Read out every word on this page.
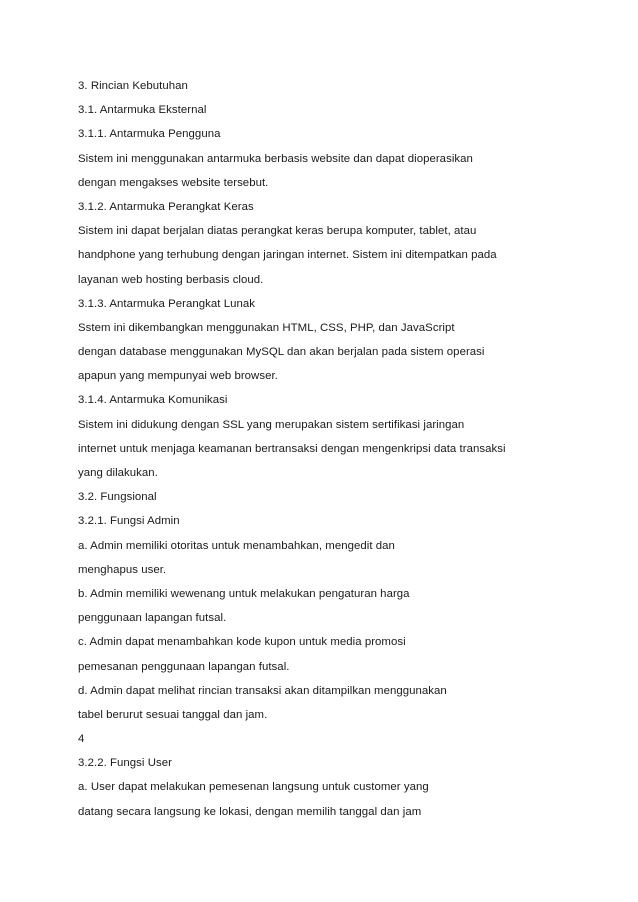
3. Rincian Kebutuhan
3.1. Antarmuka Eksternal
3.1.1. Antarmuka Pengguna
Sistem ini menggunakan antarmuka berbasis website dan dapat dioperasikan
dengan mengakses website tersebut.
3.1.2. Antarmuka Perangkat Keras
Sistem ini dapat berjalan diatas perangkat keras berupa komputer, tablet, atau
handphone yang terhubung dengan jaringan internet. Sistem ini ditempatkan pada
layanan web hosting berbasis cloud.
3.1.3. Antarmuka Perangkat Lunak
Sstem ini dikembangkan menggunakan HTML, CSS, PHP, dan JavaScript
dengan database menggunakan MySQL dan akan berjalan pada sistem operasi
apapun yang mempunyai web browser.
3.1.4. Antarmuka Komunikasi
Sistem ini didukung dengan SSL yang merupakan sistem sertifikasi jaringan
internet untuk menjaga keamanan bertransaksi dengan mengenkripsi data transaksi
yang dilakukan.
3.2. Fungsional
3.2.1. Fungsi Admin
a. Admin memiliki otoritas untuk menambahkan, mengedit dan
menghapus user.
b. Admin memiliki wewenang untuk melakukan pengaturan harga
penggunaan lapangan futsal.
c. Admin dapat menambahkan kode kupon untuk media promosi
pemesanan penggunaan lapangan futsal.
d. Admin dapat melihat rincian transaksi akan ditampilkan menggunakan
tabel berurut sesuai tanggal dan jam.
4
3.2.2. Fungsi User
a. User dapat melakukan pemesenan langsung untuk customer yang
datang secara langsung ke lokasi, dengan memilih tanggal dan jam
